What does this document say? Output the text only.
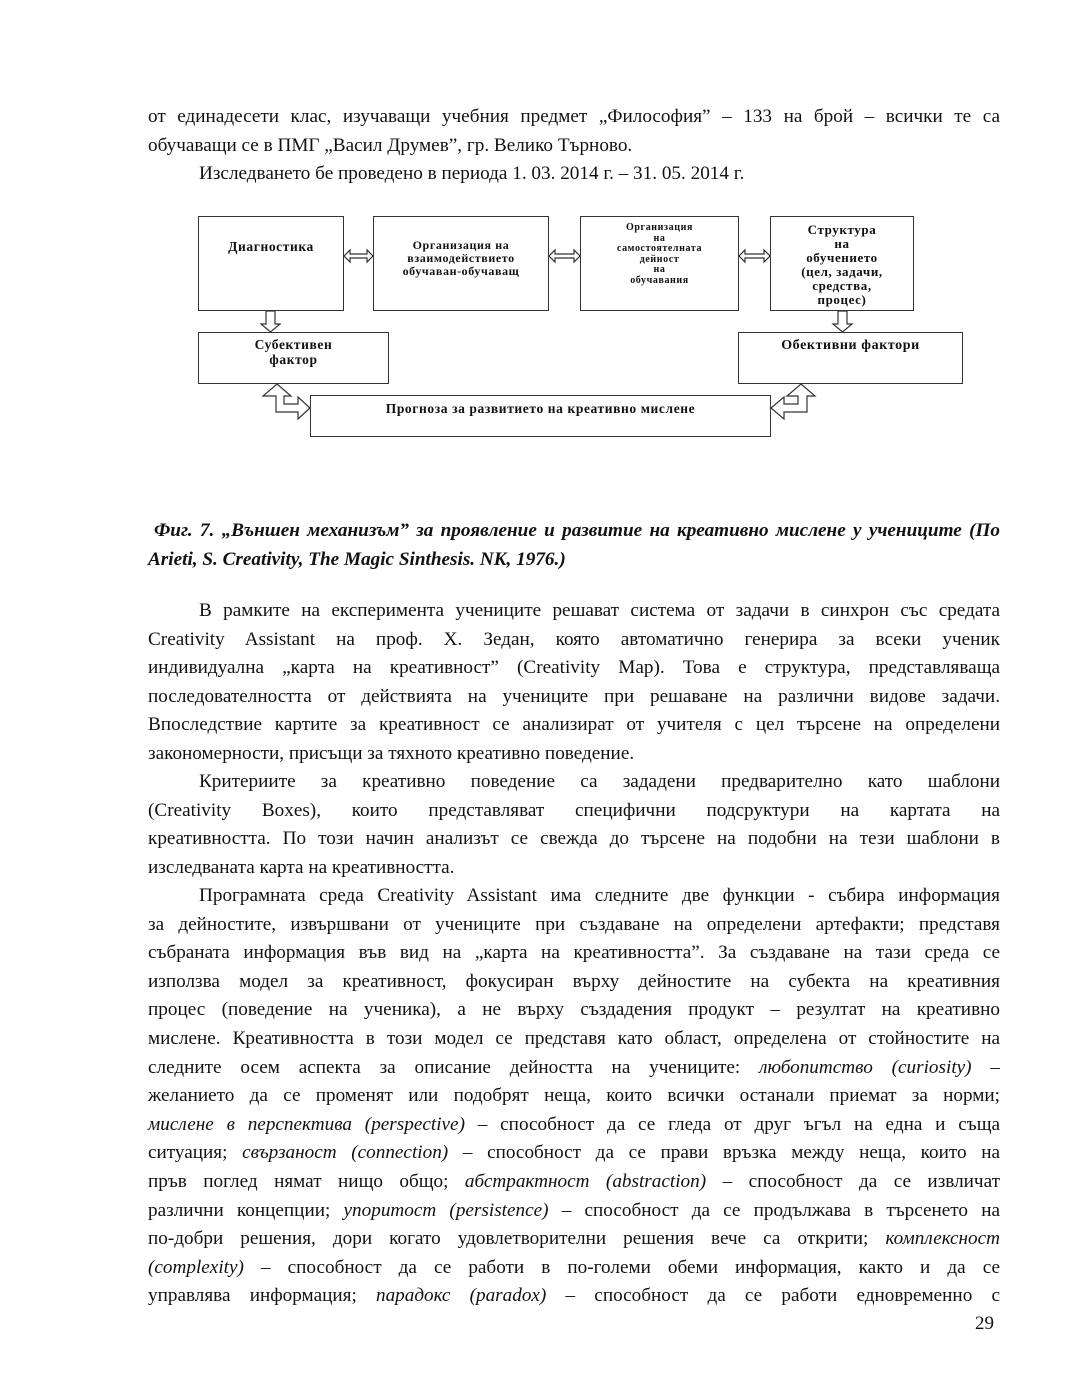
от единадесети клас, изучаващи учебния предмет „Философия” – 133 на брой – всички те са
обучаващи се в ПМГ „Васил Друмев”, гр. Велико Търново.
Изследването бе проведено в периода 1. 03. 2014 г. – 31. 05. 2014 г.
Диагностика	Организация на
взаимодействието
обучаван-обучаващ
Организация
на
самостоятелната
дейност
на
обучавания
Структура
на
обучението
(цел, задачи,
средства,
процес)
Субективен
фактор
Обективни фактори
Прогноза за развитието на креативно мислене
Фиг. 7. „Външен механизъм” за проявление и развитие на креативно мислене у учениците (По
Arieti, S. Creativity, The Magic Sinthesis. NK, 1976.)
В рамките на експеримента учениците решават система от задачи в синхрон със средата
Creativity Assistant на проф. Х. Зедан, която автоматично генерира за всеки ученик
индивидуална „карта на креативност” (Creativity Map). Това е структура, представляваща
последователността от действията на учениците при решаване на различни видове задачи.
Впоследствие картите за креативност се анализират от учителя с цел търсене на определени
закономерности, присъщи за тяхното креативно поведение.
Критериите за креативно поведение са зададени предварително като шаблони
(Creativity Boxes), които представляват специфични подсруктури на картата на
креативността. По този начин анализът се свежда до търсене на подобни на тези шаблони в
изследваната карта на креативността.
Програмната среда Creativity Assistant има следните две функции - събира информация
за дейностите, извършвани от учениците при създаване на определени артефакти; представя
събраната информация във вид на „карта на креативността”. За създаване на тази среда се
използва модел за креативност, фокусиран върху дейностите на субекта на креативния
процес (поведение на ученика), а не върху създадения продукт – резултат на креативно
мислене. Креативността в този модел се представя като област, определена от стойностите на
следните осем аспекта за описание дейността на учениците: любопитство (curiosity) –
желанието да се променят или подобрят неща, които всички останали приемат за норми;
мислене в перспектива (perspective) – способност да се гледа от друг ъгъл на една и съща
ситуация; свързаност (connection) – способност да се прави връзка между неща, които на
пръв поглед нямат нищо общо; абстрактност (abstraction) – способност да се извличат
различни концепции; упоритост (persistence) – способност да се продължава в търсенето на
по-добри решения, дори когато удовлетворителни решения вече са открити; комплексност
(complexity) – способност да се работи в по-големи обеми информация, както и да се
управлява информация; парадокс (paradox) – способност да се работи едновременно с
29
